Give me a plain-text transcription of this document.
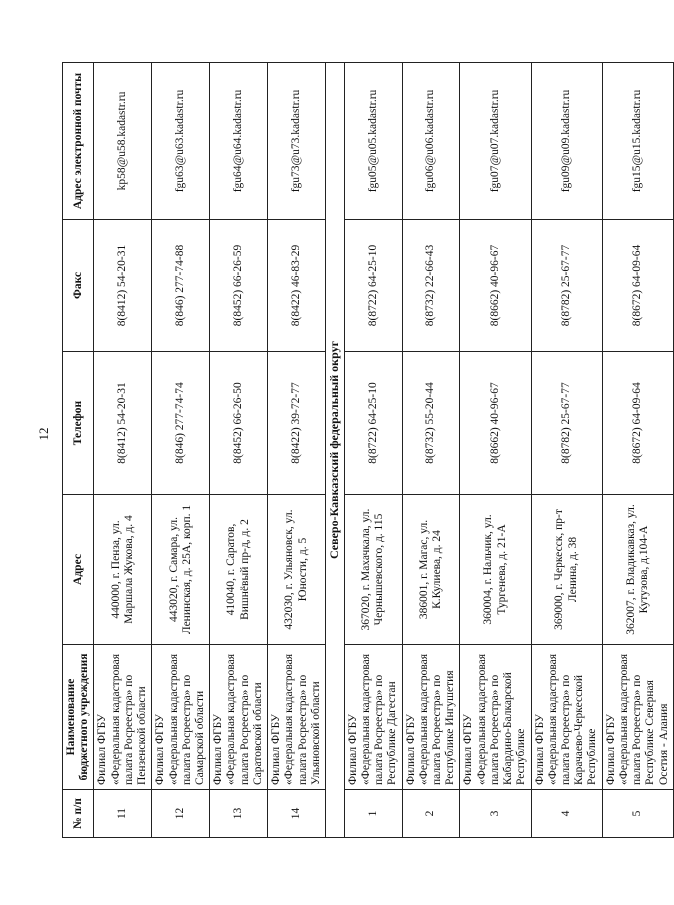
12
№ п/п	Наименование бюджетного учреждения	Адрес	Телефон	Факс	Адрес электронной почты
11	Филиал ФГБУ «Федеральная кадастровая палата Росреестра» по Пензенской области	440000, г. Пенза, ул. Маршала Жукова, д. 4	8(8412) 54-20-31	8(8412) 54-20-31	kp58@u58.kadastr.ru
12	Филиал ФГБУ «Федеральная кадастровая палата Росреестра» по Самарской области	443020, г. Самара, ул. Ленинская, д. 25А, корп. 1	8(846) 277-74-74	8(846) 277-74-88	fgu63@u63.kadastr.ru
13	Филиал ФГБУ «Федеральная кадастровая палата Росреестра» по Саратовской области	410040, г. Саратов, Вишнёвый пр-д, д. 2	8(8452) 66-26-50	8(8452) 66-26-59	fgu64@u64.kadastr.ru
14	Филиал ФГБУ «Федеральная кадастровая палата Росреестра» по Ульяновской области	432030, г. Ульяновск, ул. Юности, д. 5	8(8422) 39-72-77	8(8422) 46-83-29	fgu73@u73.kadastr.ru
Северо-Кавказский федеральный округ					
1	Филиал ФГБУ «Федеральная кадастровая палата Росреестра» по Республике Дагестан	367020, г. Махачкала, ул. Чернышевского, д. 115	8(8722) 64-25-10	8(8722) 64-25-10	fgu05@u05.kadastr.ru
2	Филиал ФГБУ «Федеральная кадастровая палата Росреестра» по Республике Ингушетия	386001, г. Магас, ул. К.Кулиева, д. 24	8(8732) 55-20-44	8(8732) 22-66-43	fgu06@u06.kadastr.ru
3	Филиал ФГБУ «Федеральная кадастровая палата Росреестра» по Кабардино-Балкарской Республике	360004, г. Нальчик, ул. Тургенева, д. 21-А	8(8662) 40-96-67	8(8662) 40-96-67	fgu07@u07.kadastr.ru
4	Филиал ФГБУ «Федеральная кадастровая палата Росреестра» по Карачаево-Черкесской Республике	369000, г. Черкесск, пр-т Ленина, д. 38	8(8782) 25-67-77	8(8782) 25-67-77	fgu09@u09.kadastr.ru
5	Филиал ФГБУ «Федеральная кадастровая палата Росреестра» по Республике Северная Осетия - Алания	362007, г. Владикавказ, ул. Кутузова, д.104-А	8(8672) 64-09-64	8(8672) 64-09-64	fgu15@u15.kadastr.ru
